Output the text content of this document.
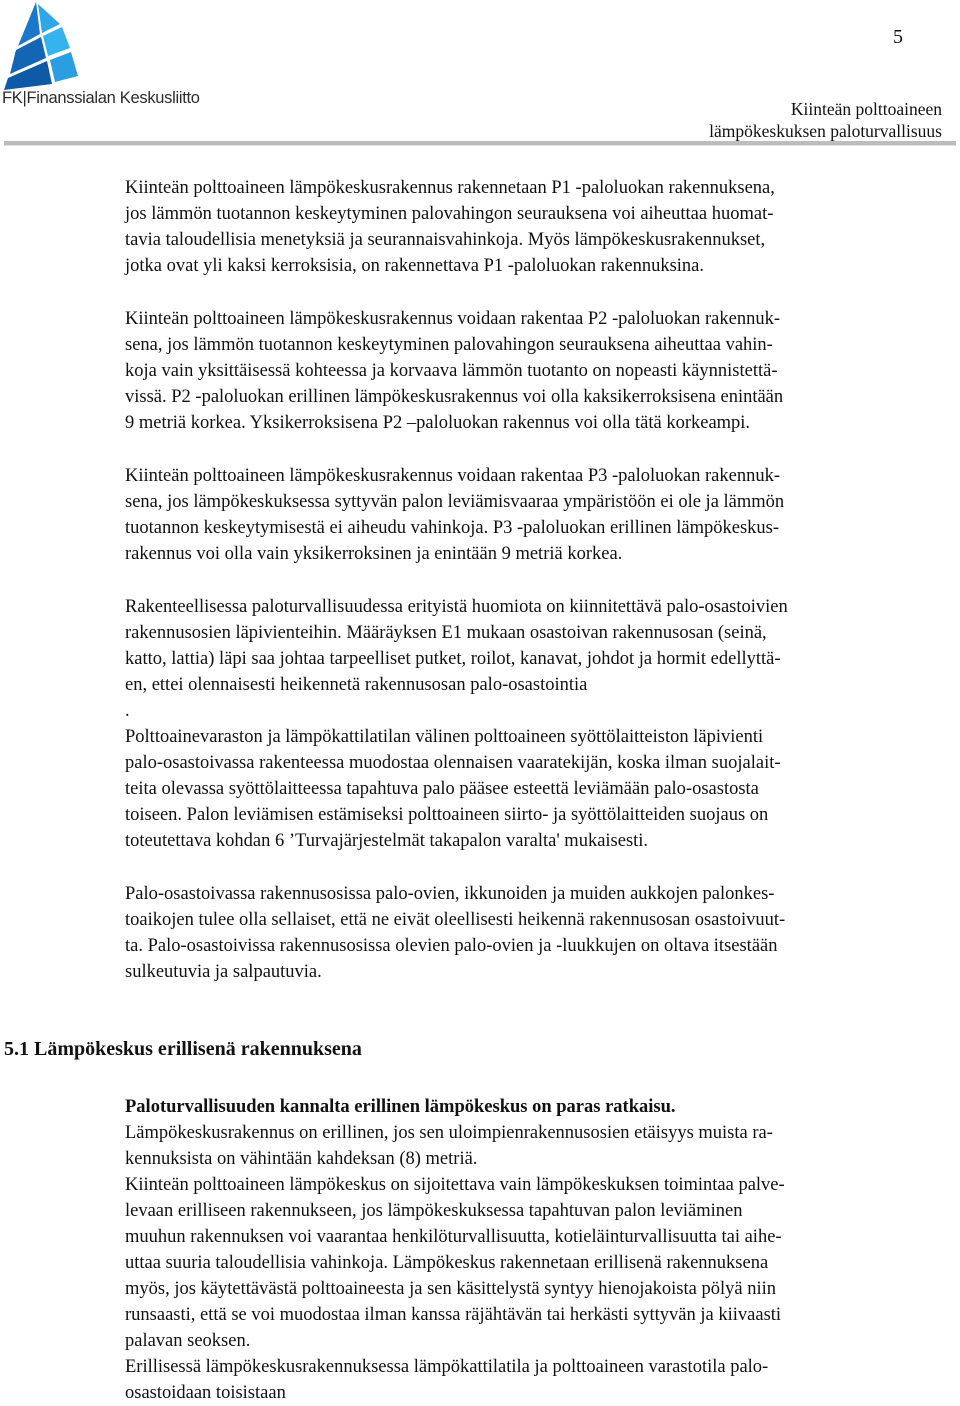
FK|Finanssialan Keskusliitto
5
Kiinteän polttoaineen
lämpökeskuksen paloturvallisuus

Kiinteän polttoaineen lämpökeskusrakennus rakennetaan P1 -paloluokan rakennuksena,
jos lämmön tuotannon keskeytyminen palovahingon seurauksena voi aiheuttaa huomat-
tavia taloudellisia menetyksiä ja seurannaisvahinkoja. Myös lämpökeskusrakennukset,
jotka ovat yli kaksi kerroksisia, on rakennettava P1 -paloluokan rakennuksina.

Kiinteän polttoaineen lämpökeskusrakennus voidaan rakentaa P2 -paloluokan rakennuk-
sena, jos lämmön tuotannon keskeytyminen palovahingon seurauksena aiheuttaa vahin-
koja vain yksittäisessä kohteessa ja korvaava lämmön tuotanto on nopeasti käynnistettä-
vissä. P2 -paloluokan erillinen lämpökeskusrakennus voi olla kaksikerroksisena enintään
9 metriä korkea. Yksikerroksisena P2 –paloluokan rakennus voi olla tätä korkeampi.

Kiinteän polttoaineen lämpökeskusrakennus voidaan rakentaa P3 -paloluokan rakennuk-
sena, jos lämpökeskuksessa syttyvän palon leviämisvaaraa ympäristöön ei ole ja lämmön
tuotannon keskeytymisestä ei aiheudu vahinkoja. P3 -paloluokan erillinen lämpökeskus-
rakennus voi olla vain yksikerroksinen ja enintään 9 metriä korkea.

Rakenteellisessa paloturvallisuudessa erityistä huomiota on kiinnitettävä palo-osastoivien
rakennusosien läpivienteihin. Määräyksen E1 mukaan osastoivan rakennusosan (seinä,
katto, lattia) läpi saa johtaa tarpeelliset putket, roilot, kanavat, johdot ja hormit edellyttä-
en, ettei olennaisesti heikennetä rakennusosan palo-osastointia
.
Polttoainevaraston ja lämpökattilatilan välinen polttoaineen syöttölaitteiston läpivienti
palo-osastoivassa rakenteessa muodostaa olennaisen vaaratekijän, koska ilman suojalait-
teita olevassa syöttölaitteessa tapahtuva palo pääsee esteettä leviämään palo-osastosta
toiseen. Palon leviämisen estämiseksi polttoaineen siirto- ja syöttölaitteiden suojaus on
toteutettava kohdan 6 ’Turvajärjestelmät takapalon varalta' mukaisesti.

Palo-osastoivassa rakennusosissa palo-ovien, ikkunoiden ja muiden aukkojen palonkes-
toaikojen tulee olla sellaiset, että ne eivät oleellisesti heikennä rakennusosan osastoivuut-
ta. Palo-osastoivissa rakennusosissa olevien palo-ovien ja -luukkujen on oltava itsestään
sulkeutuvia ja salpautuvia.

5.1 Lämpökeskus erillisenä rakennuksena

Paloturvallisuuden kannalta erillinen lämpökeskus on paras ratkaisu.
Lämpökeskusrakennus on erillinen, jos sen uloimpienrakennusosien etäisyys muista ra-
kennuksista on vähintään kahdeksan (8) metriä.
Kiinteän polttoaineen lämpökeskus on sijoitettava vain lämpökeskuksen toimintaa palve-
levaan erilliseen rakennukseen, jos lämpökeskuksessa tapahtuvan palon leviäminen
muuhun rakennuksen voi vaarantaa henkilöturvallisuutta, kotieläinturvallisuutta tai aihe-
uttaa suuria taloudellisia vahinkoja. Lämpökeskus rakennetaan erillisenä rakennuksena
myös, jos käytettävästä polttoaineesta ja sen käsittelystä syntyy hienojakoista pölyä niin
runsaasti, että se voi muodostaa ilman kanssa räjähtävän tai herkästi syttyvän ja kiivaasti
palavan seoksen.
Erillisessä lämpökeskusrakennuksessa lämpökattilatila ja polttoaineen varastotila palo-
osastoidaan toisistaan
